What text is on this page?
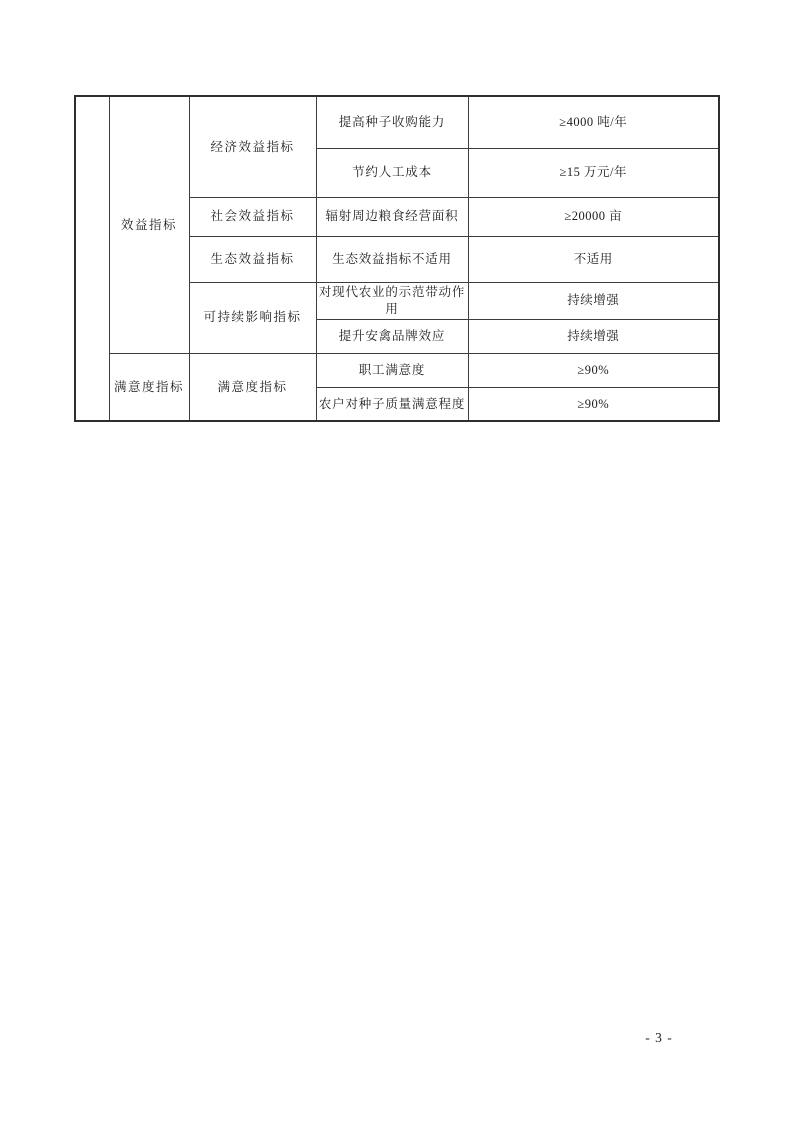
	效益指标	经济效益指标	提高种子收购能力	≥4000 吨/年
			节约人工成本	≥15 万元/年
		社会效益指标	辐射周边粮食经营面积	≥20000 亩
		生态效益指标	生态效益指标不适用	不适用
		可持续影响指标	对现代农业的示范带动作用	持续增强
			提升安禽品牌效应	持续增强
	满意度指标	满意度指标	职工满意度	≥90%
			农户对种子质量满意程度	≥90%
- 3 -
